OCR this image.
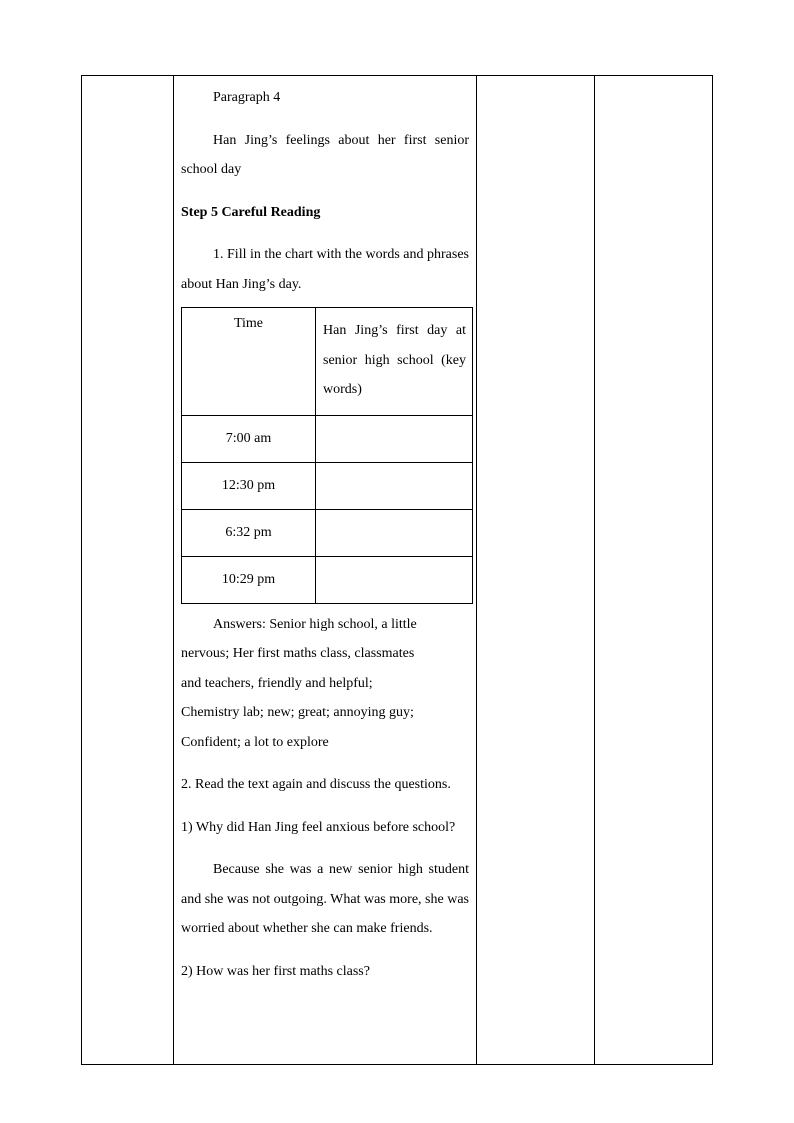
Paragraph 4

Han Jing’s feelings about her first senior school day

Step 5 Careful Reading

1. Fill in the chart with the words and phrases about Han Jing’s day.

Time	Han Jing’s first day at senior high school (key words)
7:00 am	
12:30 pm	
6:32 pm	
10:29 pm	

Answers: Senior high school, a little

nervous; Her first maths class, classmates

and teachers, friendly and helpful;

Chemistry lab; new; great; annoying guy;

Confident; a lot to explore

2. Read the text again and discuss the questions.

1) Why did Han Jing feel anxious before school?

Because she was a new senior high student and she was not outgoing. What was more, she was worried about whether she can make friends.

2) How was her first maths class?
